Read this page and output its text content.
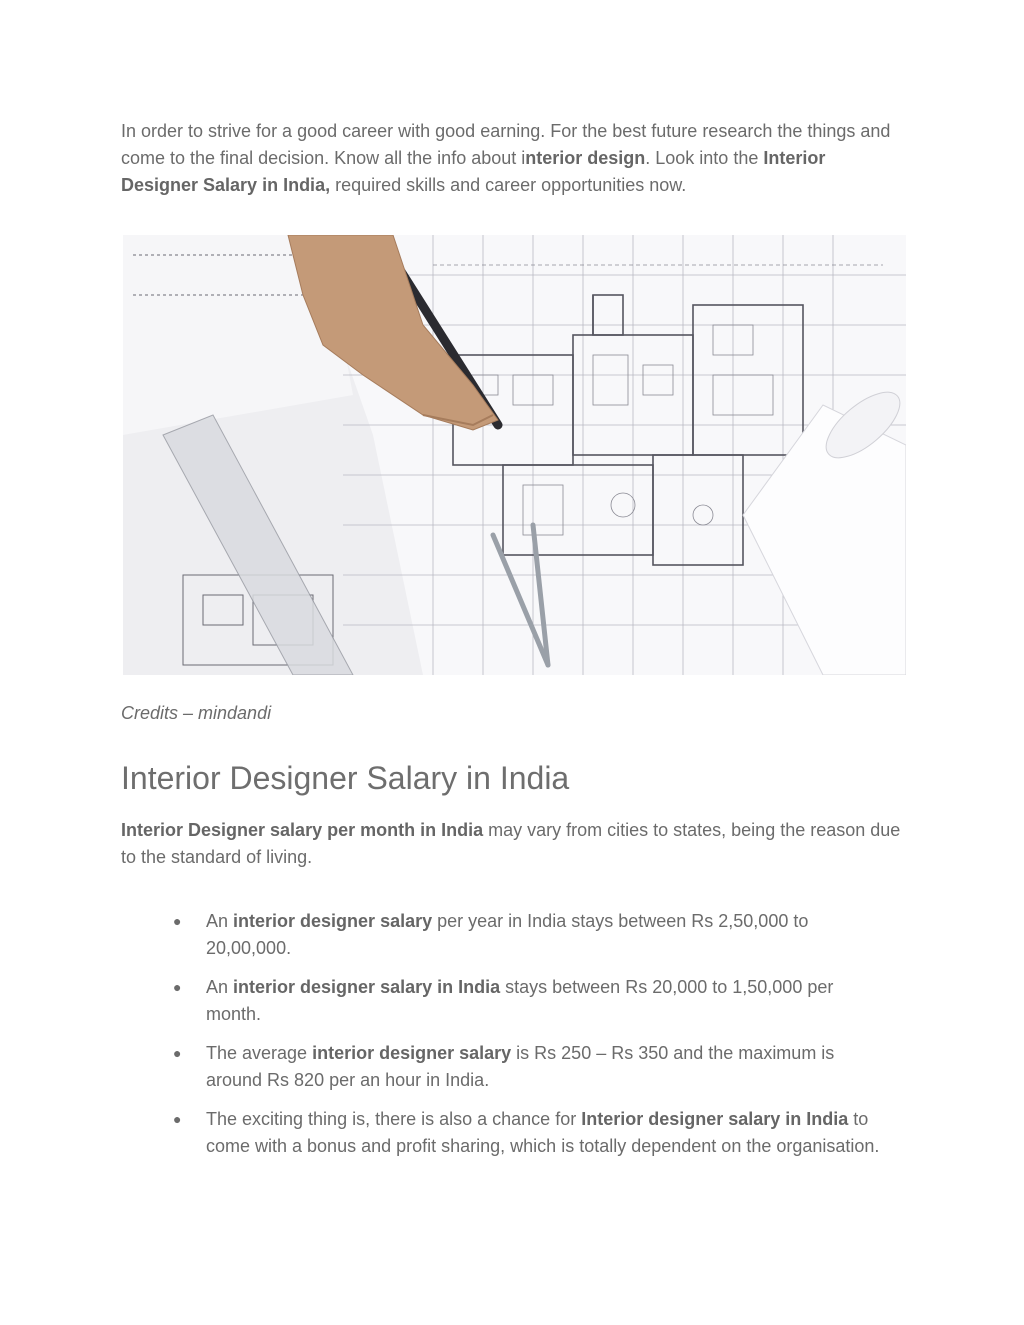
In order to strive for a good career with good earning. For the best future research the things and come to the final decision. Know all the info about interior design. Look into the Interior Designer Salary in India, required skills and career opportunities now.

Credits – mindandi
Interior Designer Salary in India

Interior Designer salary per month in India may vary from cities to states, being the reason due to the standard of living.

● An interior designer salary per year in India stays between Rs 2,50,000 to 20,00,000.
● An interior designer salary in India stays between Rs 20,000 to 1,50,000 per month.
● The average interior designer salary is Rs 250 – Rs 350 and the maximum is around Rs 820 per an hour in India.
● The exciting thing is, there is also a chance for Interior designer salary in India to come with a bonus and profit sharing, which is totally dependent on the organisation.
